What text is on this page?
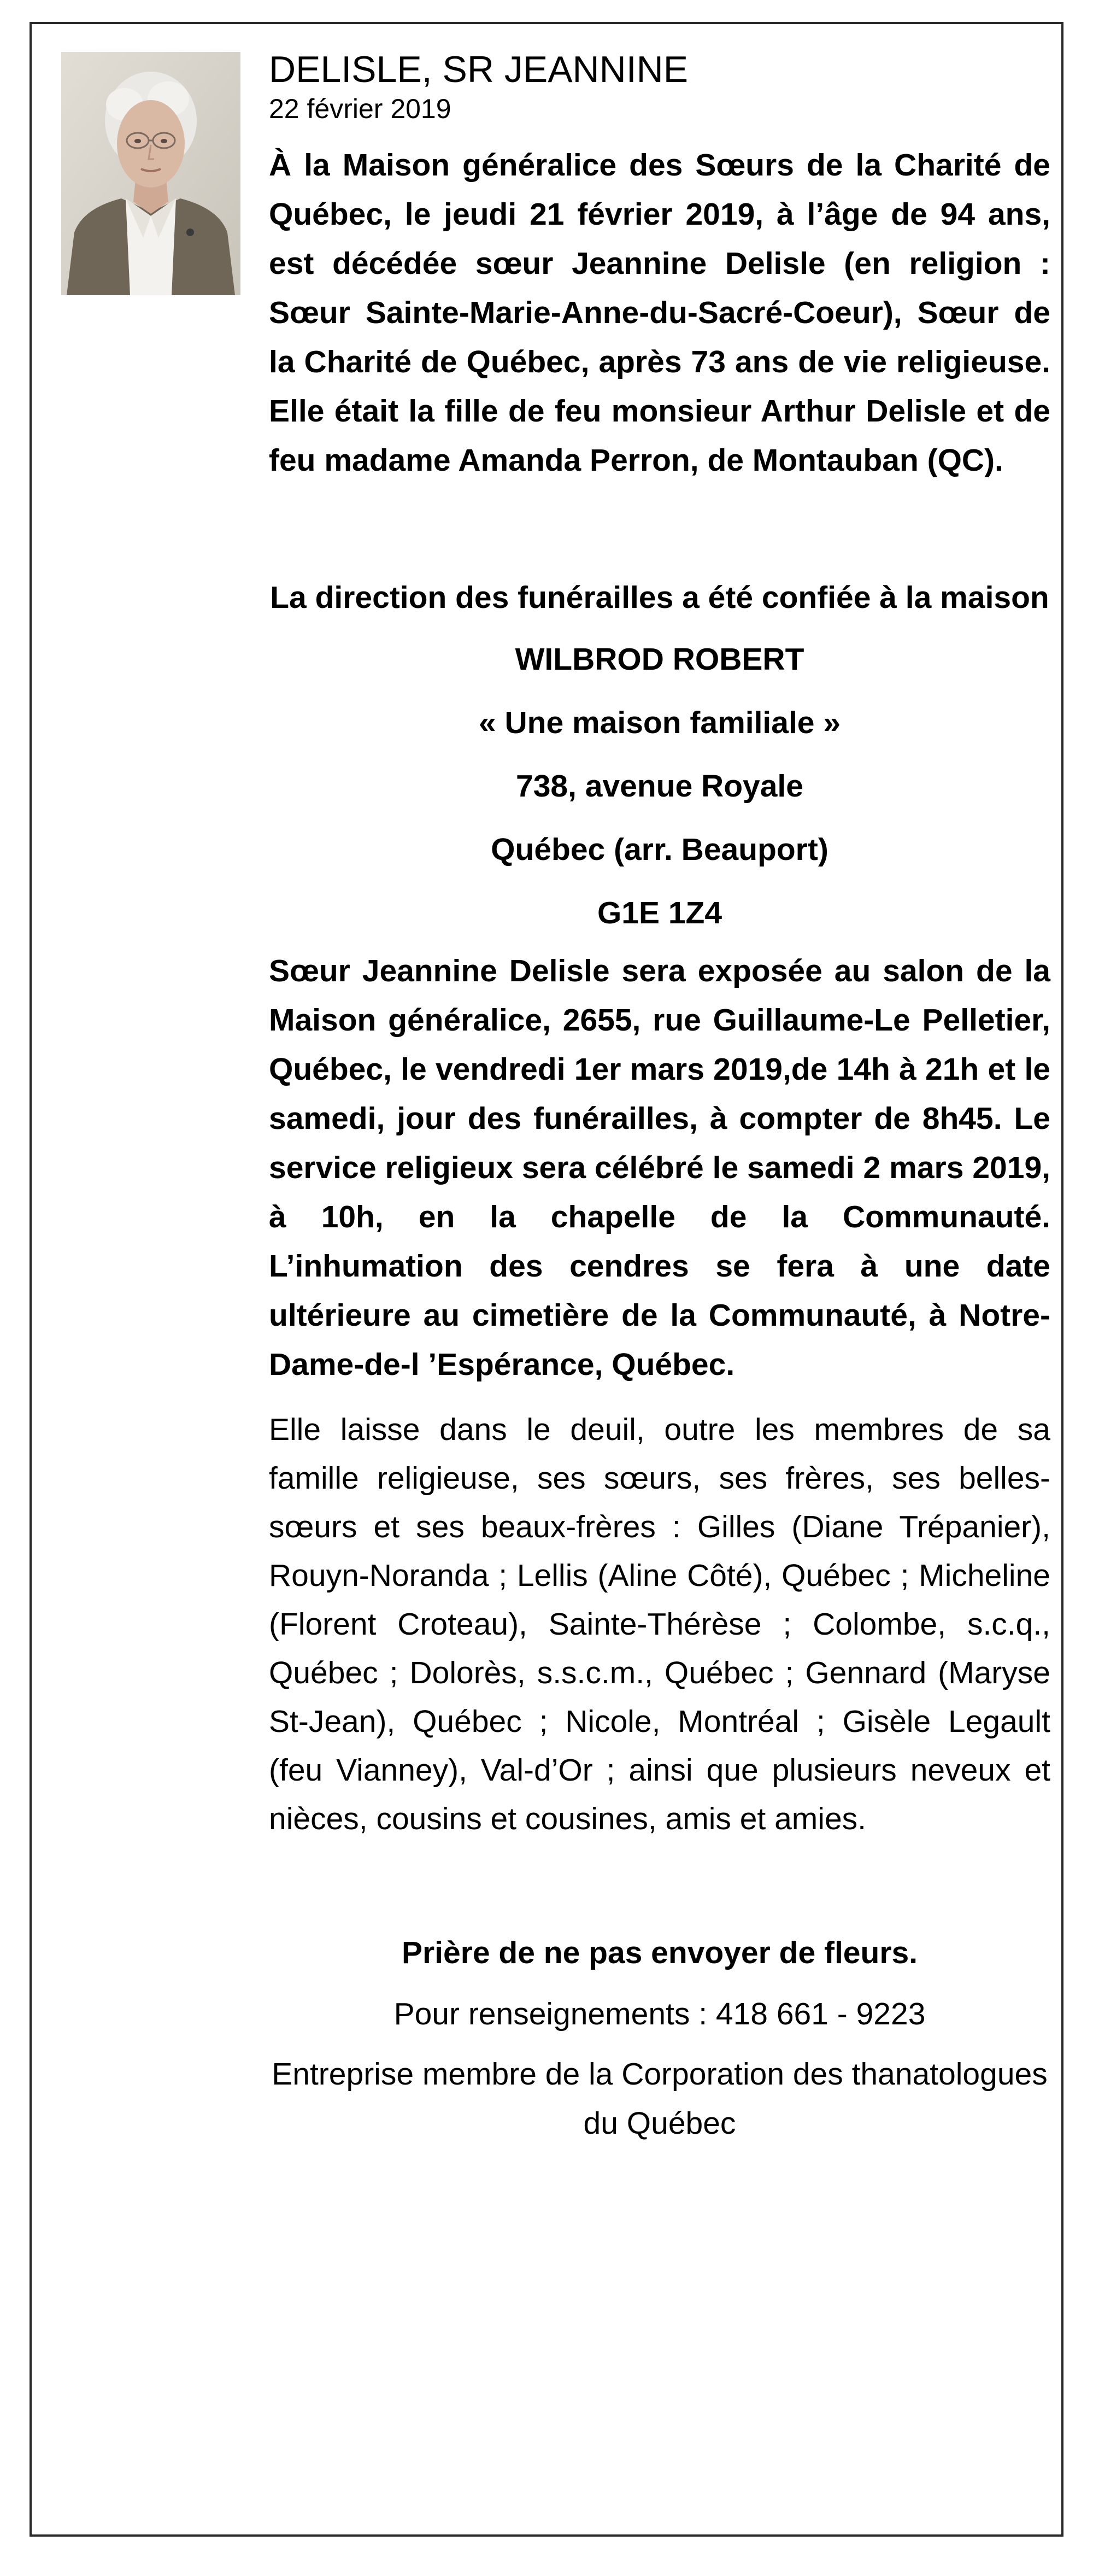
DELISLE, SR JEANNINE

22 février 2019

À la Maison généralice des Sœurs de la Charité de Québec, le jeudi 21 février 2019, à l’âge de 94 ans, est décédée sœur Jeannine Delisle (en religion : Sœur Sainte-Marie-Anne-du-Sacré-Coeur), Sœur de la Charité de Québec, après 73 ans de vie religieuse. Elle était la fille de feu monsieur Arthur Delisle et de feu madame Amanda Perron, de Montauban (QC).

La direction des funérailles a été confiée à la maison

WILBROD ROBERT

« Une maison familiale »

738, avenue Royale

Québec (arr. Beauport)

G1E 1Z4

Sœur Jeannine Delisle sera exposée au salon de la Maison généralice, 2655, rue Guillaume-Le Pelletier, Québec, le vendredi 1er mars 2019,de 14h à 21h et le samedi, jour des funérailles, à compter de 8h45. Le service religieux sera célébré le samedi 2 mars 2019, à 10h, en la chapelle de la Communauté. L’inhumation des cendres se fera à une date ultérieure au cimetière de la Communauté, à Notre-Dame-de-l ’Espérance, Québec.

Elle laisse dans le deuil, outre les membres de sa famille religieuse, ses sœurs, ses frères, ses belles-sœurs et ses beaux-frères : Gilles (Diane Trépanier), Rouyn-Noranda ; Lellis (Aline Côté), Québec ; Micheline (Florent Croteau), Sainte-Thérèse ; Colombe, s.c.q., Québec ; Dolorès, s.s.c.m., Québec ; Gennard (Maryse St-Jean), Québec ; Nicole, Montréal ; Gisèle Legault (feu Vianney), Val-d’Or ; ainsi que plusieurs neveux et nièces, cousins et cousines, amis et amies.

Prière de ne pas envoyer de fleurs.

Pour renseignements : 418 661 - 9223

Entreprise membre de la Corporation des thanatologues du Québec
